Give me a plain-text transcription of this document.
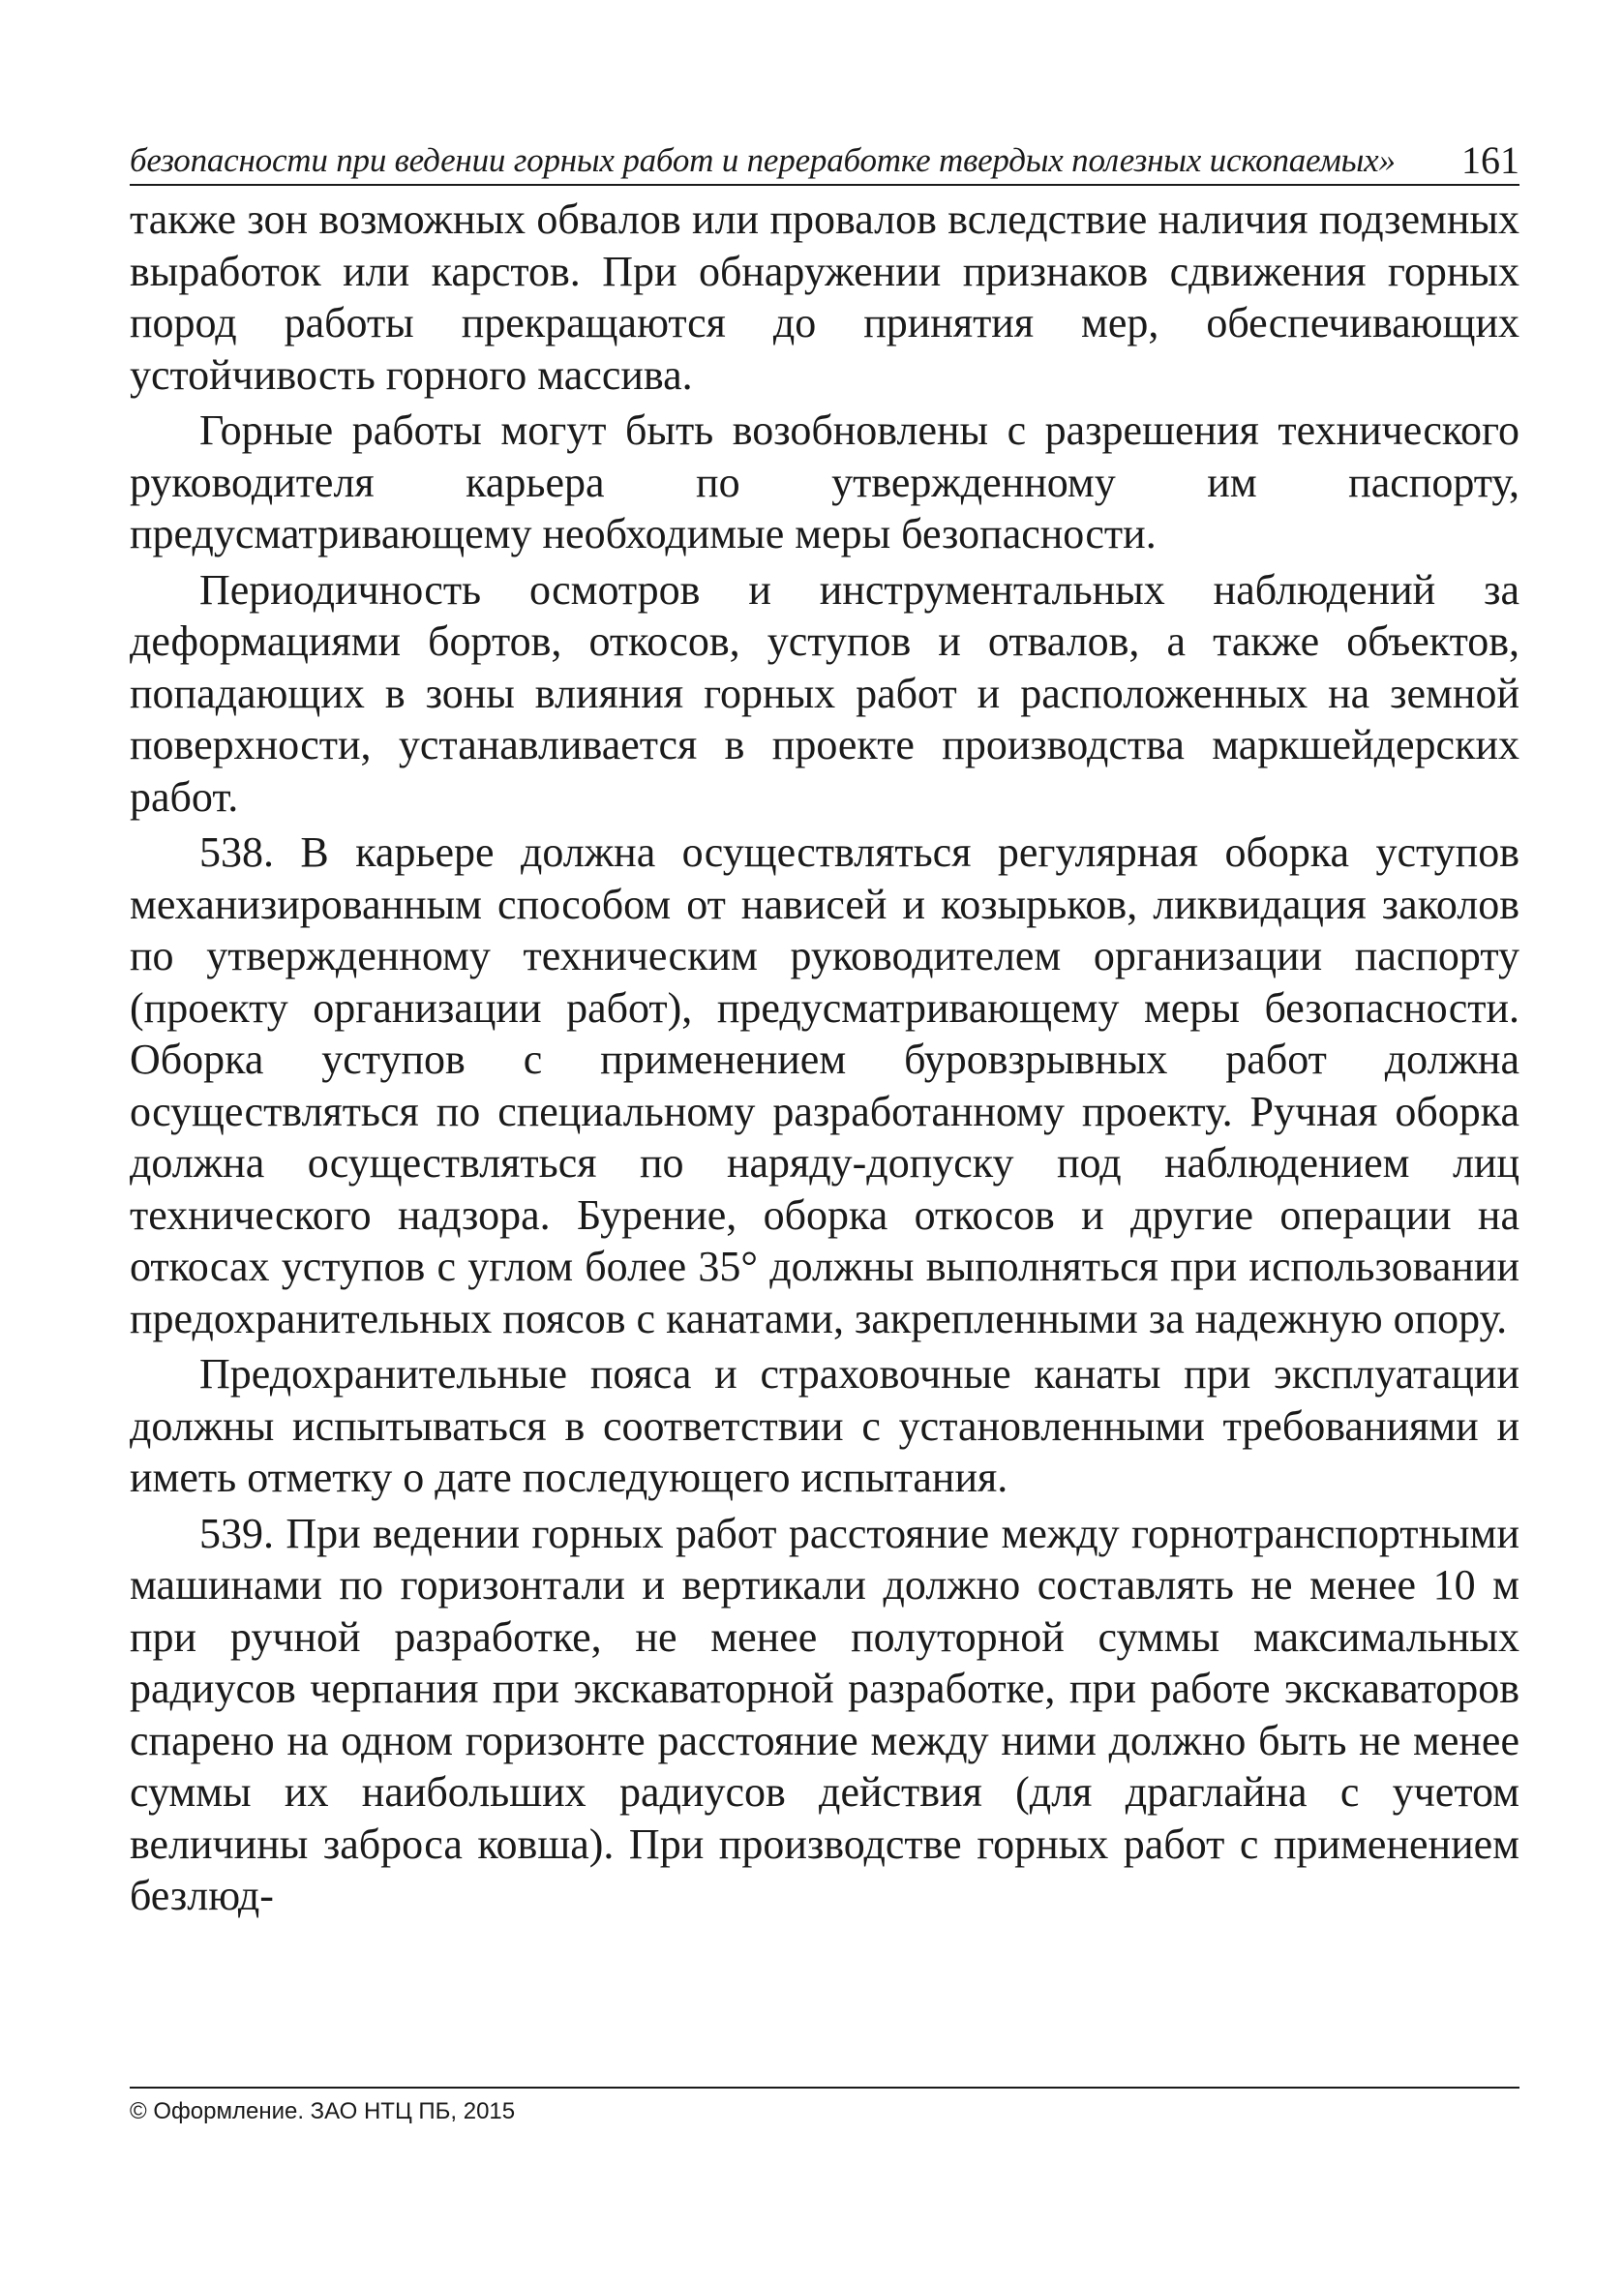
безопасности при ведении горных работ и переработке твердых полезных ископаемых» 161

также зон возможных обвалов или провалов вследствие наличия подземных выработок или карстов. При обнаружении признаков сдвижения горных пород работы прекращаются до принятия мер, обеспечивающих устойчивость горного массива.

Горные работы могут быть возобновлены с разрешения технического руководителя карьера по утвержденному им паспорту, предусматривающему необходимые меры безопасности.

Периодичность осмотров и инструментальных наблюдений за деформациями бортов, откосов, уступов и отвалов, а также объектов, попадающих в зоны влияния горных работ и расположенных на земной поверхности, устанавливается в проекте производства маркшейдерских работ.

538. В карьере должна осуществляться регулярная оборка уступов механизированным способом от нависей и козырьков, ликвидация заколов по утвержденному техническим руководителем организации паспорту (проекту организации работ), предусматривающему меры безопасности. Оборка уступов с применением буровзрывных работ должна осуществляться по специальному разработанному проекту. Ручная оборка должна осуществляться по наряду-допуску под наблюдением лиц технического надзора. Бурение, оборка откосов и другие операции на откосах уступов с углом более 35° должны выполняться при использовании предохранительных поясов с канатами, закрепленными за надежную опору.

Предохранительные пояса и страховочные канаты при эксплуатации должны испытываться в соответствии с установленными требованиями и иметь отметку о дате последующего испытания.

539. При ведении горных работ расстояние между горнотранспортными машинами по горизонтали и вертикали должно составлять не менее 10 м при ручной разработке, не менее полуторной суммы максимальных радиусов черпания при экскаваторной разработке, при работе экскаваторов спарено на одном горизонте расстояние между ними должно быть не менее суммы их наибольших радиусов действия (для драглайна с учетом величины заброса ковша). При производстве горных работ с применением безлюд-

© Оформление. ЗАО НТЦ ПБ, 2015
